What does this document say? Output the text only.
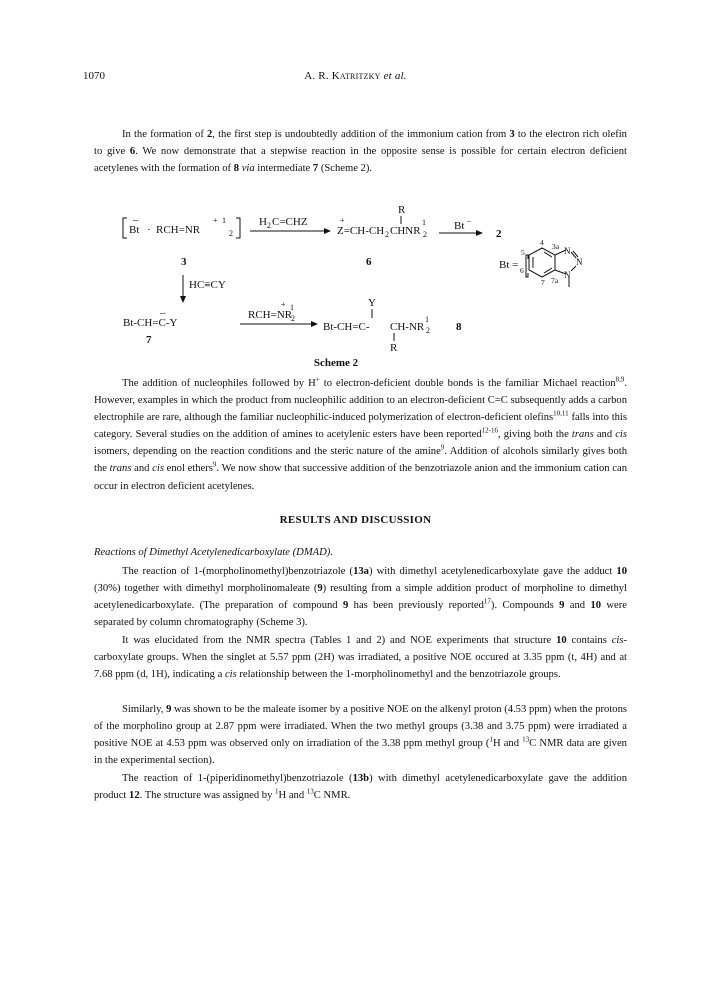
1070	A. R. Katritzky et al.

In the formation of 2, the first step is undoubtedly addition of the immonium cation from 3 to the electron rich olefin to give 6. We now demonstrate that a stepwise reaction in the opposite sense is possible for certain electron deficient acetylenes with the formation of 8 via intermediate 7 (Scheme 2).

Bt
–
· RCH=NR	2
+ 1	H 2 C=CHZ	+
R
Z=CH-CH 2 CHNR 2
1	Bt –
2
3	6
HC≡CY
Bt-CH=C-Y
–
7
RCH=NR
2
+ 1	Y
Bt-CH=C- CH-NR 2
1
R
8
Bt =
N
N
N
4 3a
5
6
7 7a
Scheme 2

The addition of nucleophiles followed by H+ to electron-deficient double bonds is the familiar Michael reaction$^{8,9}$. However, examples in which the product from nucleophilic addition to an electron-deficient C=C subsequently adds a carbon electrophile are rare, although the familiar nucleophilic-induced polymerization of electron-deficient olefins$^{10,11}$ falls into this category. Several studies on the addition of amines to acetylenic esters have been reported$^{12-16}$, giving both the trans and cis isomers, depending on the reaction conditions and the steric nature of the amine$^9$. Addition of alcohols similarly gives both the trans and cis enol ethers$^9$. We now show that successive addition of the benzotriazole anion and the immonium cation can occur in electron deficient acetylenes.

RESULTS AND DISCUSSION
Reactions of Dimethyl Acetylenedicarboxylate (DMAD).

The reaction of 1-(morpholinomethyl)benzotriazole (13a) with dimethyl acetylenedicarboxylate gave the adduct 10 (30%) together with dimethyl morpholinomaleate (9) resulting from a simple addition product of morpholine to dimethyl acetylenedicarboxylate. (The preparation of compound 9 has been previously reported$^{17}$). Compounds 9 and 10 were separated by column chromatography (Scheme 3).

It was elucidated from the NMR spectra (Tables 1 and 2) and NOE experiments that structure 10 contains cis-carboxylate groups. When the singlet at 5.57 ppm (2H) was irradiated, a positive NOE occured at 3.35 ppm (t, 4H) and at 7.68 ppm (d, 1H), indicating a cis relationship between the 1-morpholinomethyl and the benzotriazole groups.

Similarly, 9 was shown to be the maleate isomer by a positive NOE on the alkenyl proton (4.53 ppm) when the protons of the morpholino group at 2.87 ppm were irradiated. When the two methyl groups (3.38 and 3.75 ppm) were irradiated a positive NOE at 4.53 ppm was observed only on irradiation of the 3.38 ppm methyl group ($^1$H and $^{13}$C NMR data are given in the experimental section).

The reaction of 1-(piperidinomethyl)benzotriazole (13b) with dimethyl acetylenedicarboxylate gave the addition product 12. The structure was assigned by $^1$H and $^{13}$C NMR.
